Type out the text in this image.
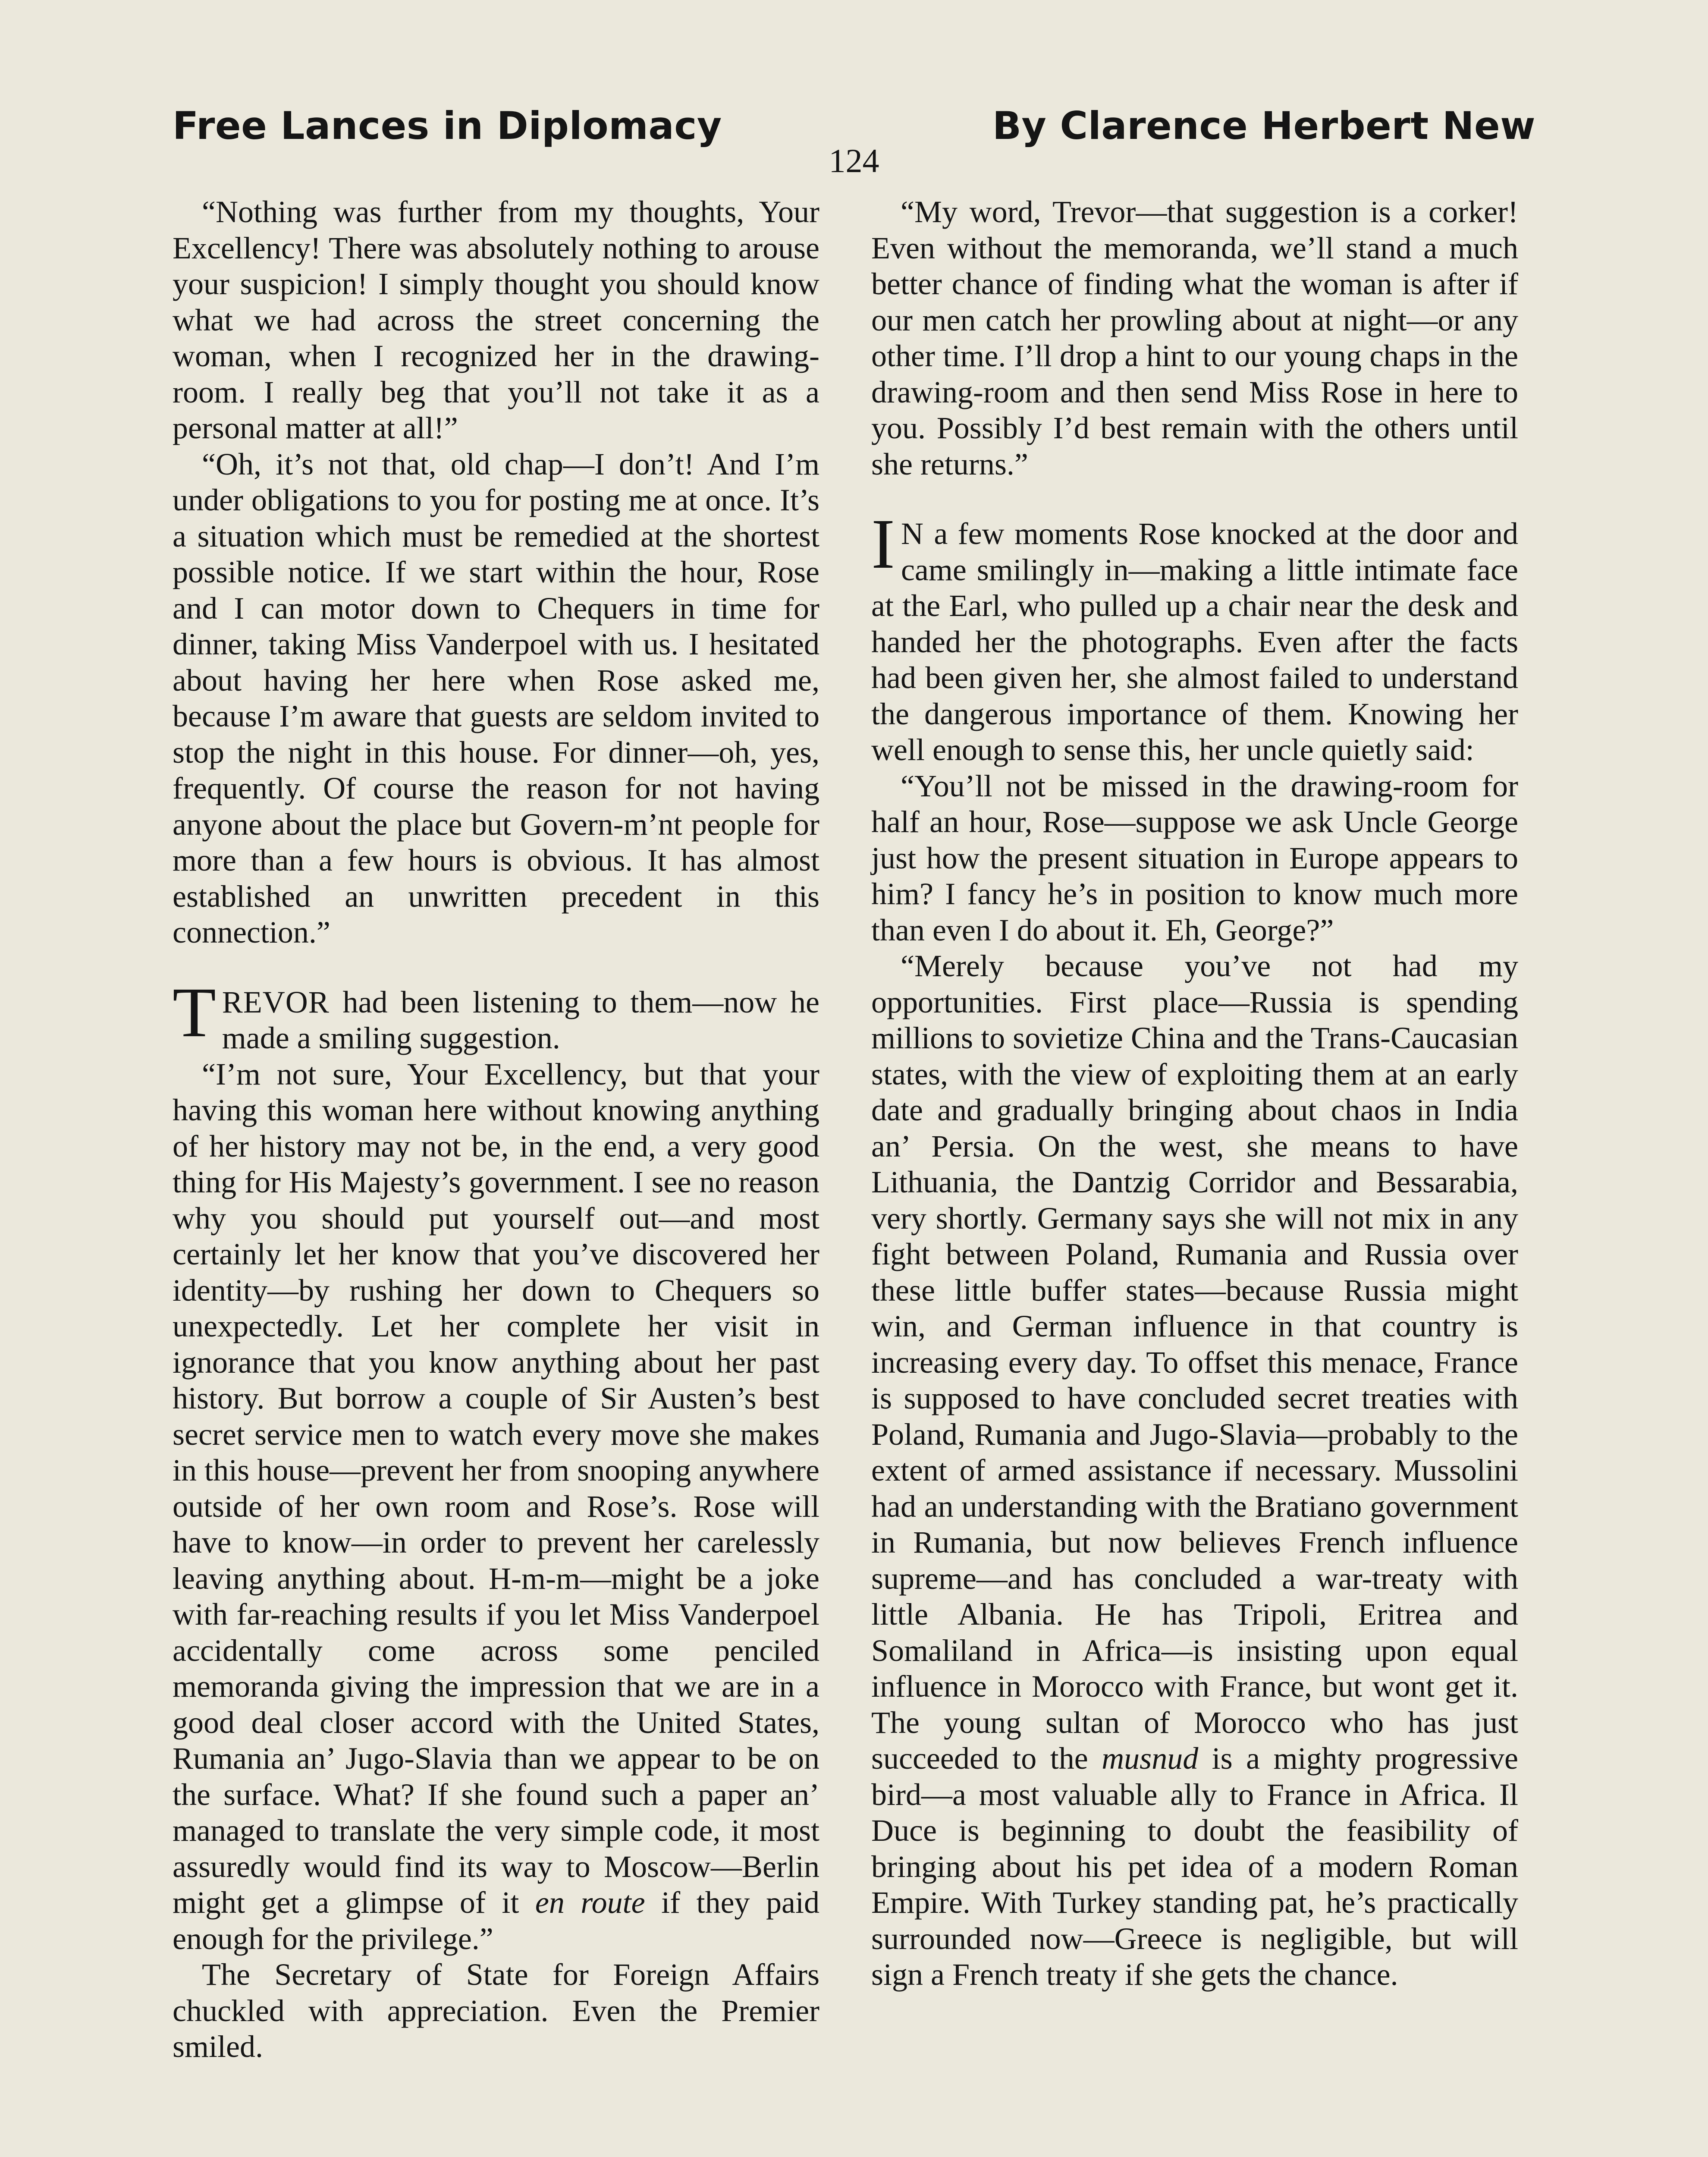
Free Lances in Diplomacy	By Clarence Herbert New
124

“Nothing was further from my thoughts, Your Excellency! There was absolutely nothing to arouse your suspicion! I simply thought you should know what we had across the street concerning the woman, when I recognized her in the drawing-room. I really beg that you’ll not take it as a personal matter at all!”

“Oh, it’s not that, old chap—I don’t! And I’m under obligations to you for posting me at once. It’s a situation which must be remedied at the shortest possible notice. If we start within the hour, Rose and I can motor down to Chequers in time for dinner, taking Miss Vanderpoel with us. I hesitated about having her here when Rose asked me, because I’m aware that guests are seldom invited to stop the night in this house. For dinner—oh, yes, frequently. Of course the reason for not having anyone about the place but Govern-m’nt people for more than a few hours is obvious. It has almost established an unwritten precedent in this connection.”

TREVOR had been listening to them—now he made a smiling suggestion.

“I’m not sure, Your Excellency, but that your having this woman here without knowing anything of her history may not be, in the end, a very good thing for His Majesty’s government. I see no reason why you should put yourself out—and most certainly let her know that you’ve discovered her identity—by rushing her down to Chequers so unexpectedly. Let her complete her visit in ignorance that you know anything about her past history. But borrow a couple of Sir Austen’s best secret service men to watch every move she makes in this house—prevent her from snooping anywhere outside of her own room and Rose’s. Rose will have to know—in order to prevent her carelessly leaving anything about. H-m-m—might be a joke with far-reaching results if you let Miss Vanderpoel accidentally come across some penciled memoranda giving the impression that we are in a good deal closer accord with the United States, Rumania an’ Jugo-Slavia than we appear to be on the surface. What? If she found such a paper an’ managed to translate the very simple code, it most assuredly would find its way to Moscow—Berlin might get a glimpse of it en route if they paid enough for the privilege.”

The Secretary of State for Foreign Affairs chuckled with appreciation. Even the Premier smiled.

“My word, Trevor—that suggestion is a corker! Even without the memoranda, we’ll stand a much better chance of finding what the woman is after if our men catch her prowling about at night—or any other time. I’ll drop a hint to our young chaps in the drawing-room and then send Miss Rose in here to you. Possibly I’d best remain with the others until she returns.”

I N a few moments Rose knocked at the door and came smilingly in—making a little intimate face at the Earl, who pulled up a chair near the desk and handed her the photographs. Even after the facts had been given her, she almost failed to understand the dangerous importance of them. Knowing her well enough to sense this, her uncle quietly said:

“You’ll not be missed in the drawing-room for half an hour, Rose—suppose we ask Uncle George just how the present situation in Europe appears to him? I fancy he’s in position to know much more than even I do about it. Eh, George?”

“Merely because you’ve not had my opportunities. First place—Russia is spending millions to sovietize China and the Trans-Caucasian states, with the view of exploiting them at an early date and gradually bringing about chaos in India an’ Persia. On the west, she means to have Lithuania, the Dantzig Corridor and Bessarabia, very shortly. Germany says she will not mix in any fight between Poland, Rumania and Russia over these little buffer states—because Russia might win, and German influence in that country is increasing every day. To offset this menace, France is supposed to have concluded secret treaties with Poland, Rumania and Jugo-Slavia—probably to the extent of armed assistance if necessary. Mussolini had an understanding with the Bratiano government in Rumania, but now believes French influence supreme—and has concluded a war-treaty with little Albania. He has Tripoli, Eritrea and Somaliland in Africa—is insisting upon equal influence in Morocco with France, but wont get it. The young sultan of Morocco who has just succeeded to the musnud is a mighty progressive bird—a most valuable ally to France in Africa. Il Duce is beginning to doubt the feasibility of bringing about his pet idea of a modern Roman Empire. With Turkey standing pat, he’s practically surrounded now—Greece is negligible, but will sign a French treaty if she gets the chance.
